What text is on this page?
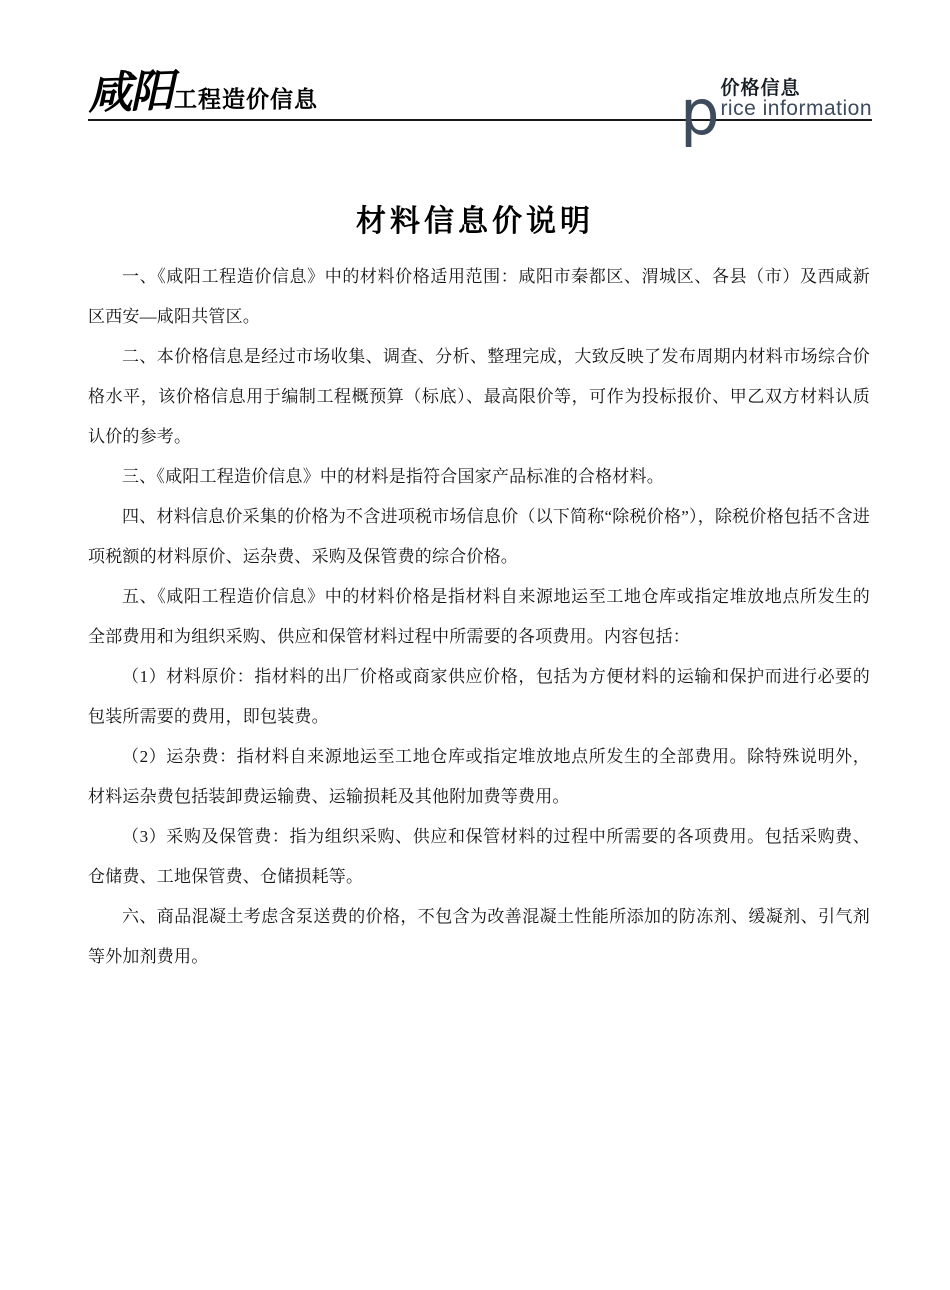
咸阳 工程造价信息	p 价格信息
rice information
材料信息价说明

一、《咸阳工程造价信息》中的材料价格适用范围：咸阳市秦都区、渭城区、各县（市）及西咸新区西安—咸阳共管区。

二、本价格信息是经过市场收集、调查、分析、整理完成，大致反映了发布周期内材料市场综合价格水平，该价格信息用于编制工程概预算（标底）、最高限价等，可作为投标报价、甲乙双方材料认质认价的参考。

三、《咸阳工程造价信息》中的材料是指符合国家产品标准的合格材料。

四、材料信息价采集的价格为不含进项税市场信息价（以下简称“除税价格”），除税价格包括不含进项税额的材料原价、运杂费、采购及保管费的综合价格。

五、《咸阳工程造价信息》中的材料价格是指材料自来源地运至工地仓库或指定堆放地点所发生的全部费用和为组织采购、供应和保管材料过程中所需要的各项费用。内容包括：

（1）材料原价：指材料的出厂价格或商家供应价格，包括为方便材料的运输和保护而进行必要的包装所需要的费用，即包装费。

（2）运杂费：指材料自来源地运至工地仓库或指定堆放地点所发生的全部费用。除特殊说明外，材料运杂费包括装卸费运输费、运输损耗及其他附加费等费用。

（3）采购及保管费：指为组织采购、供应和保管材料的过程中所需要的各项费用。包括采购费、仓储费、工地保管费、仓储损耗等。

六、商品混凝土考虑含泵送费的价格，不包含为改善混凝土性能所添加的防冻剂、缓凝剂、引气剂等外加剂费用。
